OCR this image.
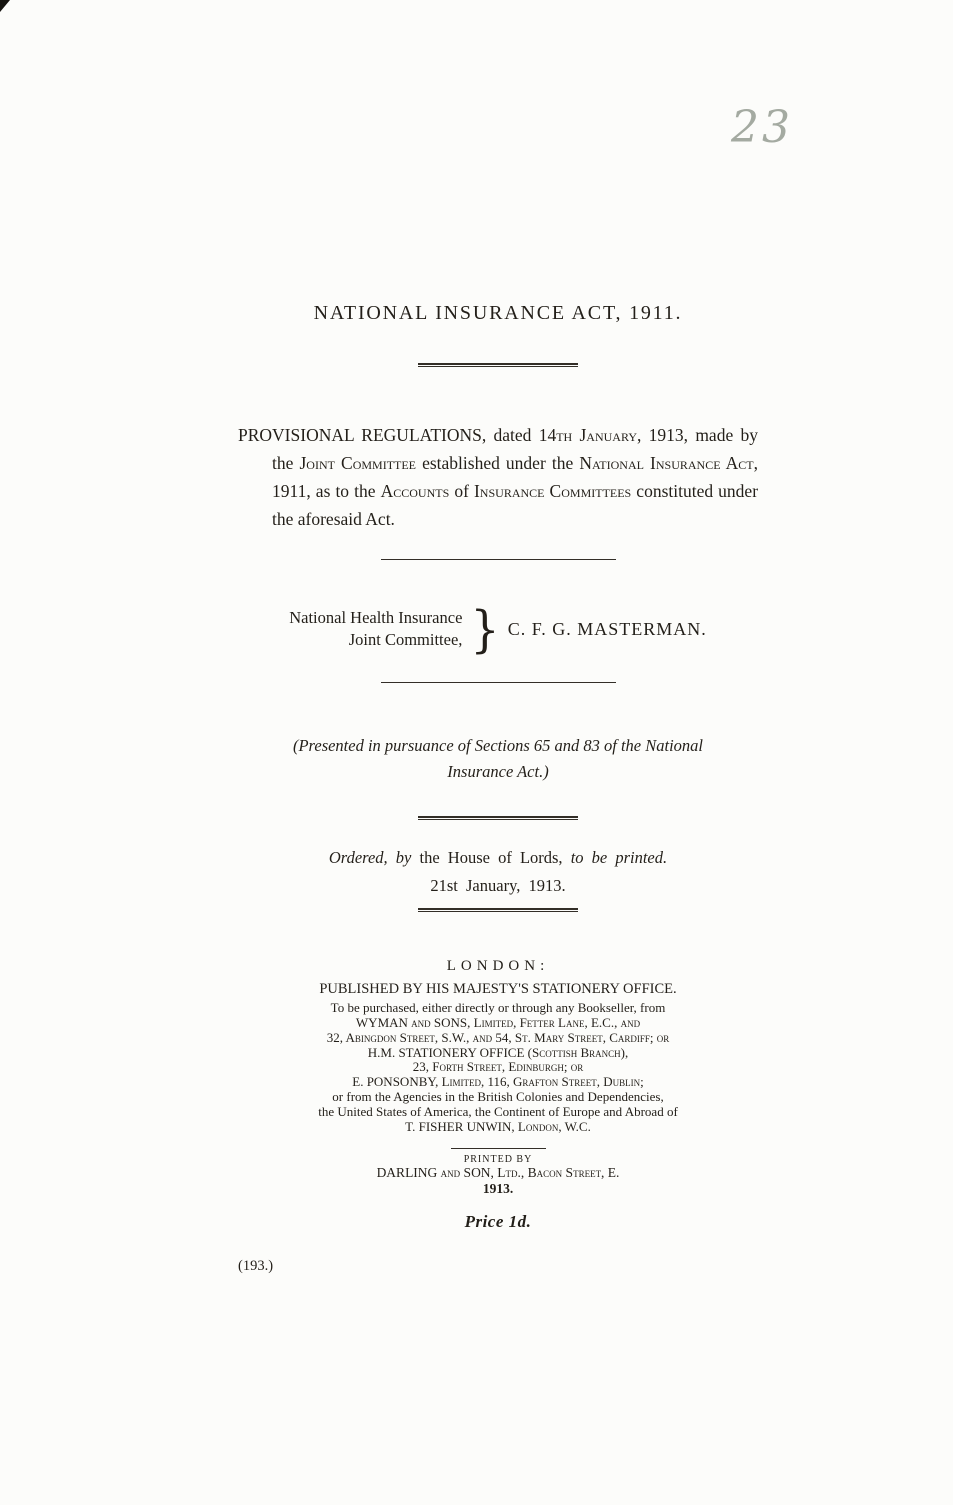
23
NATIONAL INSURANCE ACT, 1911.

PROVISIONAL REGULATIONS, dated 14th January, 1913, made by the Joint Committee established under the National Insurance Act, 1911, as to the Accounts of Insurance Committees constituted under the aforesaid Act.

National Health Insurance
Joint Committee, } C. F. G. MASTERMAN.

(Presented in pursuance of Sections 65 and 83 of the National
Insurance Act.)

Ordered, by the House of Lords, to be printed.
21st January, 1913.

LONDON:
PUBLISHED BY HIS MAJESTY'S STATIONERY OFFICE.
To be purchased, either directly or through any Bookseller, from
WYMAN and SONS, Limited, Fetter Lane, E.C., and
32, Abingdon Street, S.W., and 54, St. Mary Street, Cardiff; or
H.M. STATIONERY OFFICE (Scottish Branch),
23, Forth Street, Edinburgh; or
E. PONSONBY, Limited, 116, Grafton Street, Dublin;
or from the Agencies in the British Colonies and Dependencies,
the United States of America, the Continent of Europe and Abroad of
T. FISHER UNWIN, London, W.C.
PRINTED BY
DARLING and SON, Ltd., Bacon Street, E.
1913.
Price 1d.
(193.)
